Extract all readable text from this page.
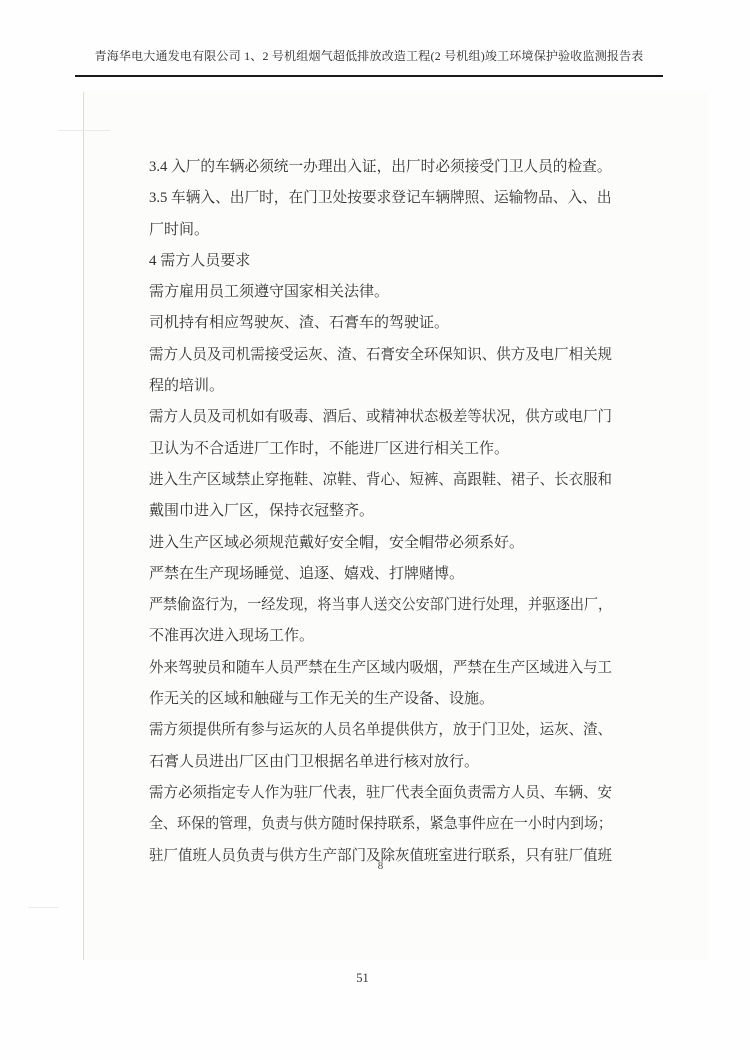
青海华电大通发电有限公司 1、2 号机组烟气超低排放改造工程(2 号机组)竣工环境保护验收监测报告表
3.4 入厂的车辆必须统一办理出入证，出厂时必须接受门卫人员的检查。
3.5 车辆入、出厂时，在门卫处按要求登记车辆牌照、运输物品、入、出
厂时间。
4 需方人员要求
需方雇用员工须遵守国家相关法律。
司机持有相应驾驶灰、渣、石膏车的驾驶证。
需方人员及司机需接受运灰、渣、石膏安全环保知识、供方及电厂相关规
程的培训。
需方人员及司机如有吸毒、酒后、或精神状态极差等状况，供方或电厂门
卫认为不合适进厂工作时，不能进厂区进行相关工作。
进入生产区域禁止穿拖鞋、凉鞋、背心、短裤、高跟鞋、裙子、长衣服和
戴围巾进入厂区，保持衣冠整齐。
进入生产区域必须规范戴好安全帽，安全帽带必须系好。
严禁在生产现场睡觉、追逐、嬉戏、打牌赌博。
严禁偷盗行为，一经发现，将当事人送交公安部门进行处理，并驱逐出厂，
不准再次进入现场工作。
外来驾驶员和随车人员严禁在生产区域内吸烟，严禁在生产区域进入与工
作无关的区域和触碰与工作无关的生产设备、设施。
需方须提供所有参与运灰的人员名单提供供方，放于门卫处，运灰、渣、
石膏人员进出厂区由门卫根据名单进行核对放行。
需方必须指定专人作为驻厂代表，驻厂代表全面负责需方人员、车辆、安
全、环保的管理，负责与供方随时保持联系，紧急事件应在一小时内到场；
驻厂值班人员负责与供方生产部门及除灰值班室进行联系，只有驻厂值班
8
51
